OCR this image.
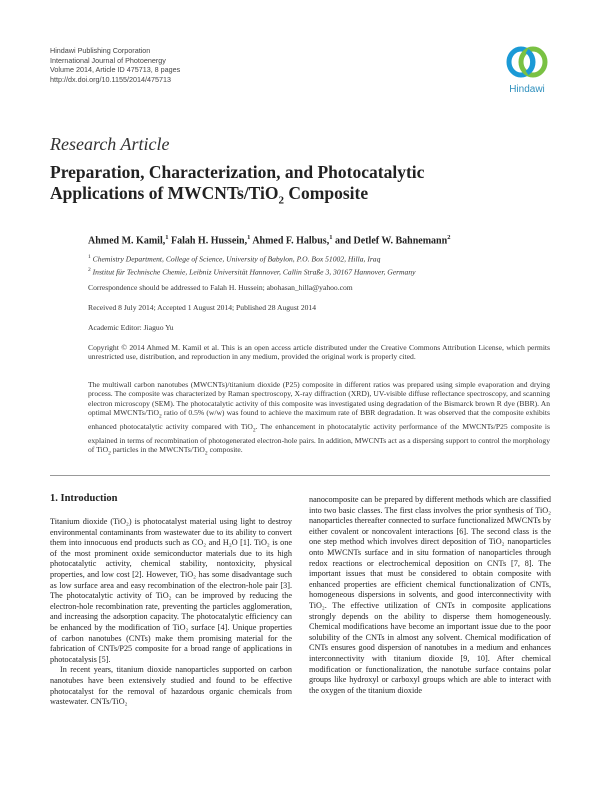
Hindawi Publishing Corporation
International Journal of Photoenergy
Volume 2014, Article ID 475713, 8 pages
http://dx.doi.org/10.1155/2014/475713
Hindawi
Research Article
Preparation, Characterization, and Photocatalytic
Applications of MWCNTs/TiO$_2$ Composite
Ahmed M. Kamil,$^1$ Falah H. Hussein,$^1$ Ahmed F. Halbus,$^1$ and Detlef W. Bahnemann$^2$
$^1$ Chemistry Department, College of Science, University of Babylon, P.O. Box 51002, Hilla, Iraq
$^2$ Institut für Technische Chemie, Leibniz Universität Hannover, Callin Straße 3, 30167 Hannover, Germany
Correspondence should be addressed to Falah H. Hussein; abohasan_hilla@yahoo.com
Received 8 July 2014; Accepted 1 August 2014; Published 28 August 2014
Academic Editor: Jiaguo Yu
Copyright © 2014 Ahmed M. Kamil et al. This is an open access article distributed under the Creative Commons Attribution License, which permits unrestricted use, distribution, and reproduction in any medium, provided the original work is properly cited.
The multiwall carbon nanotubes (MWCNTs)/titanium dioxide (P25) composite in different ratios was prepared using simple evaporation and drying process. The composite was characterized by Raman spectroscopy, X-ray diffraction (XRD), UV-visible diffuse reflectance spectroscopy, and scanning electron microscopy (SEM). The photocatalytic activity of this composite was investigated using degradation of the Bismarck brown R dye (BBR). An optimal MWCNTs/TiO$_2$ ratio of 0.5% (w/w) was found to achieve the maximum rate of BBR degradation. It was observed that the composite exhibits enhanced photocatalytic activity compared with TiO$_2$. The enhancement in photocatalytic activity performance of the MWCNTs/P25 composite is explained in terms of recombination of photogenerated electron-hole pairs. In addition, MWCNTs act as a dispersing support to control the morphology of TiO$_2$ particles in the MWCNTs/TiO$_2$ composite.
1. Introduction

Titanium dioxide (TiO₂) is photocatalyst material using light to destroy environmental contaminants from wastewater due to its ability to convert them into innocuous end products such as CO₂ and H₂O [1]. TiO₂ is one of the most prominent oxide semiconductor materials due to its high photocatalytic activity, chemical stability, nontoxicity, physical properties, and low cost [2]. However, TiO₂ has some disadvantage such as low surface area and easy recombination of the electron-hole pair [3]. The photocatalytic activity of TiO₂ can be improved by reducing the electron-hole recombination rate, preventing the particles agglomeration, and increasing the adsorption capacity. The photocatalytic efficiency can be enhanced by the modification of TiO₂ surface [4]. Unique properties of carbon nanotubes (CNTs) make them promising material for the fabrication of CNTs/P25 composite for a broad range of applications in photocatalysis [5].

In recent years, titanium dioxide nanoparticles supported on carbon nanotubes have been extensively studied and found to be effective photocatalyst for the removal of hazardous organic chemicals from wastewater. CNTs/TiO₂

nanocomposite can be prepared by different methods which are classified into two basic classes. The first class involves the prior synthesis of TiO₂ nanoparticles thereafter connected to surface functionalized MWCNTs by either covalent or noncovalent interactions [6]. The second class is the one step method which involves direct deposition of TiO₂ nanoparticles onto MWCNTs surface and in situ formation of nanoparticles through redox reactions or electrochemical deposition on CNTs [7, 8]. The important issues that must be considered to obtain composite with enhanced properties are efficient chemical functionalization of CNTs, homogeneous dispersions in solvents, and good interconnectivity with TiO₂. The effective utilization of CNTs in composite applications strongly depends on the ability to disperse them homogeneously. Chemical modifications have become an important issue due to the poor solubility of the CNTs in almost any solvent. Chemical modification of CNTs ensures good dispersion of nanotubes in a medium and enhances interconnectivity with titanium dioxide [9, 10]. After chemical modification or functionalization, the nanotube surface contains polar groups like hydroxyl or carboxyl groups which are able to interact with the oxygen of the titanium dioxide
